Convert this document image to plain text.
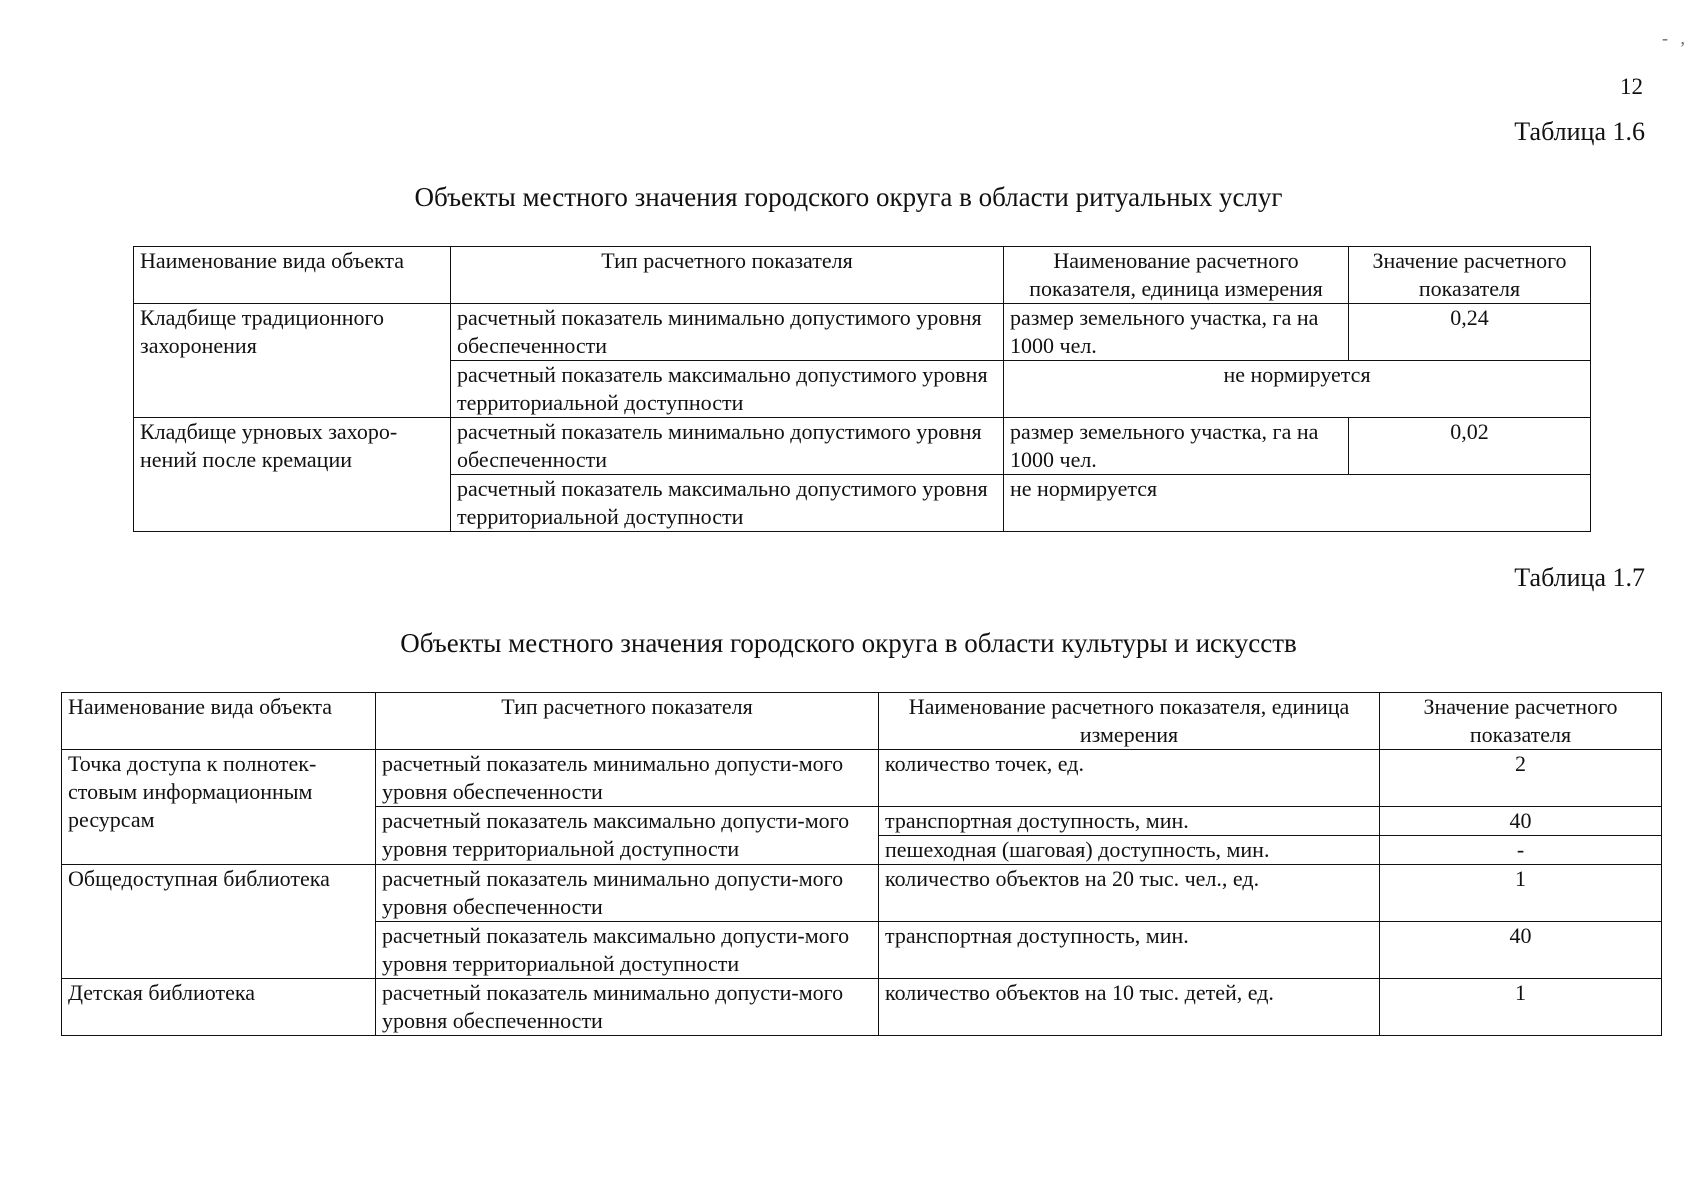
- ,
12
Таблица 1.6
Объекты местного значения городского округа в области ритуальных услуг
Наименование вида объекта	Тип расчетного показателя	Наименование расчетного показателя, единица измерения	Значение расчетного показателя
Кладбище традиционного захоронения	расчетный показатель минимально допустимого уровня обеспеченности	размер земельного участка, га на 1000 чел.	0,24
	расчетный показатель максимально допустимого уровня территориальной доступности	не нормируется	
Кладбище урновых захоро-нений после кремации	расчетный показатель минимально допустимого уровня обеспеченности	размер земельного участка, га на 1000 чел.	0,02
	расчетный показатель максимально допустимого уровня территориальной доступности	не нормируется	
Таблица 1.7
Объекты местного значения городского округа в области культуры и искусств
Наименование вида объекта	Тип расчетного показателя	Наименование расчетного показателя, единица измерения	Значение расчетного показателя
Точка доступа к полнотек-стовым информационным ресурсам	расчетный показатель минимально допусти-мого уровня обеспеченности	количество точек, ед.	2
	расчетный показатель максимально допусти-мого уровня территориальной доступности	транспортная доступность, мин.	40
		пешеходная (шаговая) доступность, мин.	-
Общедоступная библиотека	расчетный показатель минимально допусти-мого уровня обеспеченности	количество объектов на 20 тыс. чел., ед.	1
	расчетный показатель максимально допусти-мого уровня территориальной доступности	транспортная доступность, мин.	40
Детская библиотека	расчетный показатель минимально допусти-мого уровня обеспеченности	количество объектов на 10 тыс. детей, ед.	1
